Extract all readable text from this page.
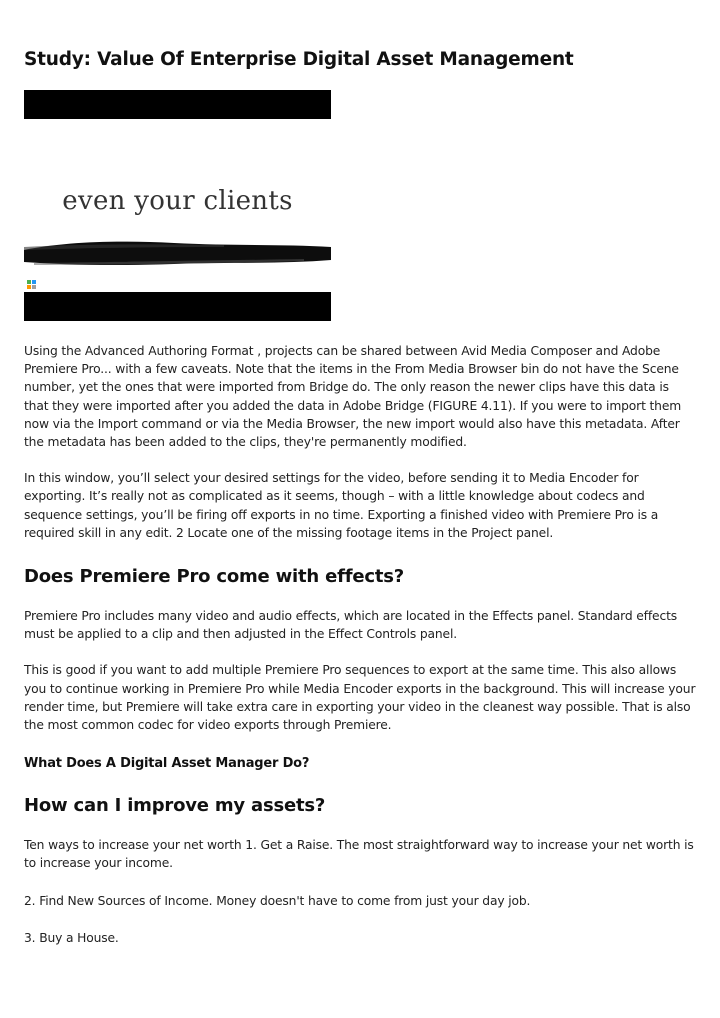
Study: Value Of Enterprise Digital Asset Management
even your clients

Using the Advanced Authoring Format , projects can be shared between Avid Media Composer and Adobe Premiere Pro... with a few caveats. Note that the items in the From Media Browser bin do not have the Scene number, yet the ones that were imported from Bridge do. The only reason the newer clips have this data is that they were imported after you added the data in Adobe Bridge (FIGURE 4.11). If you were to import them now via the Import command or via the Media Browser, the new import would also have this metadata. After the metadata has been added to the clips, they're permanently modified.

In this window, you’ll select your desired settings for the video, before sending it to Media Encoder for exporting. It’s really not as complicated as it seems, though – with a little knowledge about codecs and sequence settings, you’ll be firing off exports in no time. Exporting a finished video with Premiere Pro is a required skill in any edit. 2 Locate one of the missing footage items in the Project panel.

Does Premiere Pro come with effects?

Premiere Pro includes many video and audio effects, which are located in the Effects panel. Standard effects must be applied to a clip and then adjusted in the Effect Controls panel.

This is good if you want to add multiple Premiere Pro sequences to export at the same time. This also allows you to continue working in Premiere Pro while Media Encoder exports in the background. This will increase your render time, but Premiere will take extra care in exporting your video in the cleanest way possible. That is also the most common codec for video exports through Premiere.

What Does A Digital Asset Manager Do?
How can I improve my assets?

Ten ways to increase your net worth 1. Get a Raise. The most straightforward way to increase your net worth is to increase your income.

2. Find New Sources of Income. Money doesn't have to come from just your day job.

3. Buy a House.
